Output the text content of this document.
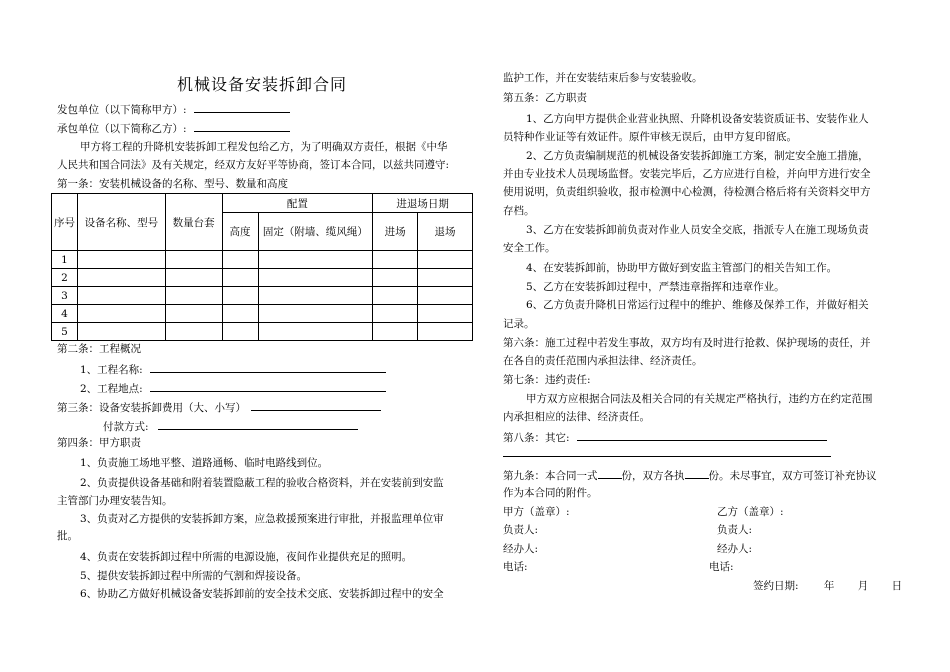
机械设备安装拆卸合同
发包单位（以下简称甲方）:
承包单位（以下简称乙方）:
甲方将工程的升降机安装拆卸工程发包给乙方，为了明确双方责任，根据《中华
人民共和国合同法》及有关规定，经双方友好平等协商，签订本合同，以兹共同遵守:
第一条：安装机械设备的名称、型号、数量和高度
序号	设备名称、型号	数量台套	配置		进退场日期	
			高度	固定（附墙、缆风绳）	进场	退场
1						
2						
3						
4						
5						
第二条：工程概况
1、工程名称:
2、工程地点:
第三条：设备安装拆卸费用（大、小写）
付款方式:
第四条：甲方职责
1、负责施工场地平整、道路通畅、临时电路线到位。
2、负责提供设备基础和附着装置隐蔽工程的验收合格资料，并在安装前到安监
主管部门办理安装告知。
3、负责对乙方提供的安装拆卸方案，应急救援预案进行审批，并报监理单位审
批。
4、负责在安装拆卸过程中所需的电源设施，夜间作业提供充足的照明。
5、提供安装拆卸过程中所需的气割和焊接设备。
6、协助乙方做好机械设备安装拆卸前的安全技术交底、安装拆卸过程中的安全
监护工作，并在安装结束后参与安装验收。
第五条：乙方职责
1、乙方向甲方提供企业营业执照、升降机设备安装资质证书、安装作业人
员特种作业证等有效证件。原件审核无误后，由甲方复印留底。
2、乙方负责编制规范的机械设备安装拆卸施工方案，制定安全施工措施，
并由专业技术人员现场监督。安装完毕后，乙方应进行自检，并向甲方进行安全
使用说明，负责组织验收，报市检测中心检测，待检测合格后将有关资料交甲方
存档。
3、乙方在安装拆卸前负责对作业人员安全交底，指派专人在施工现场负责
安全工作。
4、在安装拆卸前，协助甲方做好到安监主管部门的相关告知工作。
5、乙方在安装拆卸过程中，严禁违章指挥和违章作业。
6、乙方负责升降机日常运行过程中的维护、维修及保养工作，并做好相关
记录。
第六条：施工过程中若发生事故，双方均有及时进行抢救、保护现场的责任，并
在各自的责任范围内承担法律、经济责任。
第七条：违约责任:
甲方双方应根据合同法及相关合同的有关规定严格执行，违约方在约定范围
内承担相应的法律、经济责任。
第八条：其它:
第九条：本合同一式 份，双方各执 份。未尽事宜，双方可签订补充协议
作为本合同的附件。
甲方（盖章）:	乙方（盖章）:
负责人:	负责人:
经办人:	经办人:
电话:	电话:
签约日期: 年 月 日
